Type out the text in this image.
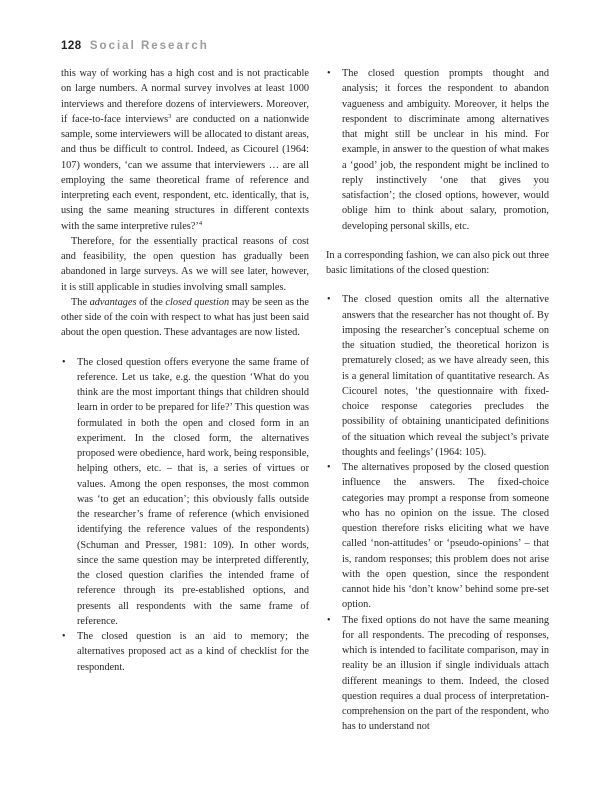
128 Social Research

this way of working has a high cost and is not practicable on large numbers. A normal survey involves at least 1000 interviews and therefore dozens of interviewers. Moreover, if face-to-face interviews$^3$ are conducted on a nationwide sample, some interviewers will be allocated to distant areas, and thus be difficult to control. Indeed, as Cicourel (1964: 107) wonders, ‘can we assume that interviewers … are all employing the same theoretical frame of reference and interpreting each event, respondent, etc. identically, that is, using the same meaning structures in different contexts with the same interpretive rules?’$^4$

Therefore, for the essentially practical reasons of cost and feasibility, the open question has gradually been abandoned in large surveys. As we will see later, however, it is still applicable in studies involving small samples.

The advantages of the closed question may be seen as the other side of the coin with respect to what has just been said about the open question. These advantages are now listed.

• The closed question offers everyone the same frame of reference. Let us take, e.g. the question ‘What do you think are the most important things that children should learn in order to be prepared for life?’ This question was formulated in both the open and closed form in an experiment. In the closed form, the alternatives proposed were obedience, hard work, being responsible, helping others, etc. – that is, a series of virtues or values. Among the open responses, the most common was ‘to get an education’; this obviously falls outside the researcher’s frame of reference (which envisioned identifying the reference values of the respondents) (Schuman and Presser, 1981: 109). In other words, since the same question may be interpreted differently, the closed question clarifies the intended frame of reference through its pre-established options, and presents all respondents with the same frame of reference.
• The closed question is an aid to memory; the alternatives proposed act as a kind of checklist for the respondent.
• The closed question prompts thought and analysis; it forces the respondent to abandon vagueness and ambiguity. Moreover, it helps the respondent to discriminate among alternatives that might still be unclear in his mind. For example, in answer to the question of what makes a ‘good’ job, the respondent might be inclined to reply instinctively ‘one that gives you satisfaction’; the closed options, however, would oblige him to think about salary, promotion, developing personal skills, etc.

In a corresponding fashion, we can also pick out three basic limitations of the closed question:

• The closed question omits all the alternative answers that the researcher has not thought of. By imposing the researcher’s conceptual scheme on the situation studied, the theoretical horizon is prematurely closed; as we have already seen, this is a general limitation of quantitative research. As Cicourel notes, ‘the questionnaire with fixed-choice response categories precludes the possibility of obtaining unanticipated definitions of the situation which reveal the subject’s private thoughts and feelings’ (1964: 105).
• The alternatives proposed by the closed question influence the answers. The fixed-choice categories may prompt a response from someone who has no opinion on the issue. The closed question therefore risks eliciting what we have called ‘non-attitudes’ or ‘pseudo-opinions’ – that is, random responses; this problem does not arise with the open question, since the respondent cannot hide his ‘don’t know’ behind some pre-set option.
• The fixed options do not have the same meaning for all respondents. The precoding of responses, which is intended to facilitate comparison, may in reality be an illusion if single individuals attach different meanings to them. Indeed, the closed question requires a dual process of interpretation-comprehension on the part of the respondent, who has to understand not
